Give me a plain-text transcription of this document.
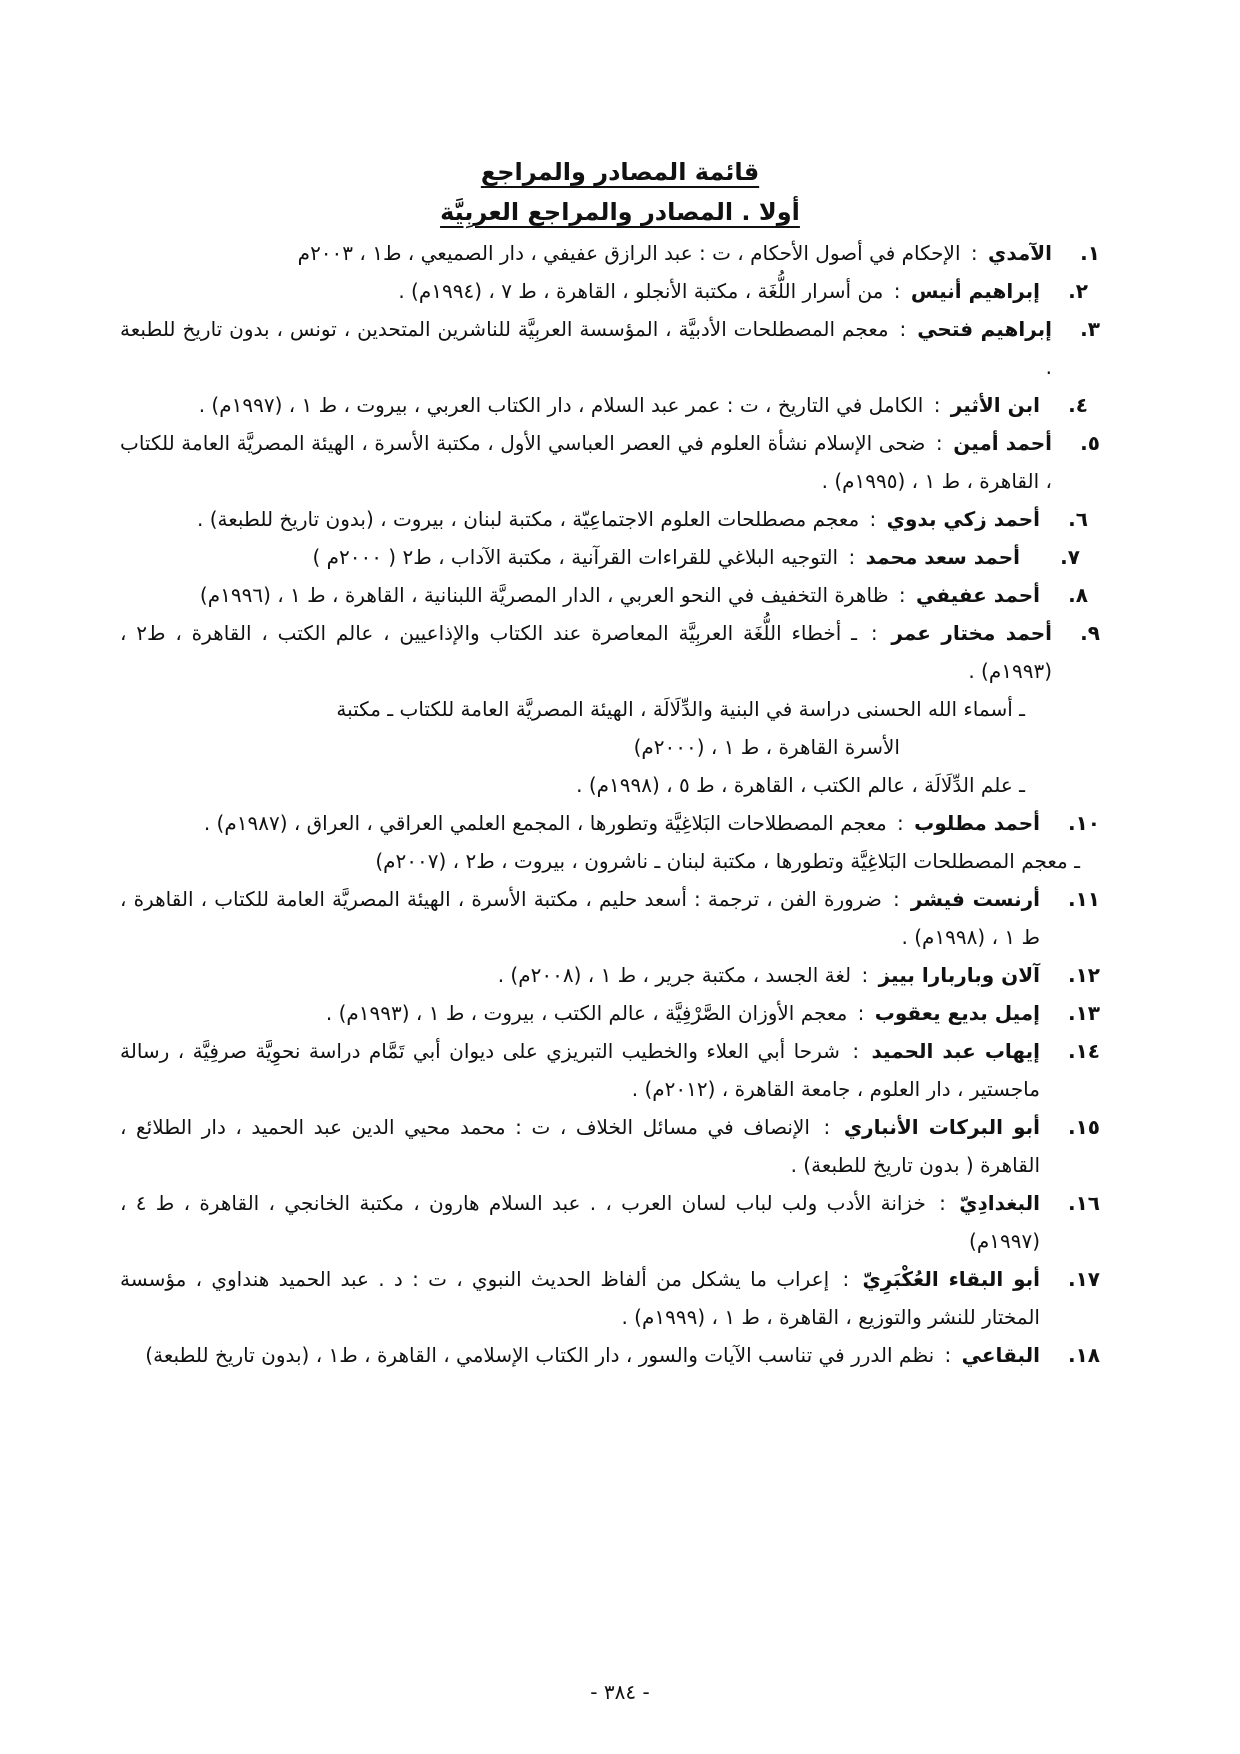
قائمة المصادر والمراجع

أولا . المصادر والمراجع العربِيَّة

١.
الآمدي : الإحكام في أصول الأحكام ، ت : عبد الرازق عفيفي ، دار الصميعي ، ط١ ، ٢٠٠٣م

٢.
إبراهيم أنيس : من أسرار اللُّغَة ، مكتبة الأنجلو ، القاهرة ، ط ٧ ، (١٩٩٤م) .

٣.
إبراهيم فتحي : معجم المصطلحات الأدبيَّة ، المؤسسة العربِيَّة للناشرين المتحدين ، تونس ، بدون تاريخ للطبعة .

٤.
ابن الأثير : الكامل في التاريخ ، ت : عمر عبد السلام ، دار الكتاب العربي ، بيروت ، ط ١ ، (١٩٩٧م) .

٥.
أحمد أمين : ضحى الإسلام نشأة العلوم في العصر العباسي الأول ، مكتبة الأسرة ، الهيئة المصريَّة العامة للكتاب ، القاهرة ، ط ١ ، (١٩٩٥م) .

٦.
أحمد زكي بدوي : معجم مصطلحات العلوم الاجتماعِيّة ، مكتبة لبنان ، بيروت ، (بدون تاريخ للطبعة) .

٧.
أحمد سعد محمد : التوجيه البلاغي للقراءات القرآنية ، مكتبة الآداب ، ط٢ ( ٢٠٠٠م )

٨.
أحمد عفيفي : ظاهرة التخفيف في النحو العربي ، الدار المصريَّة اللبنانية ، القاهرة ، ط ١ ، (١٩٩٦م)

٩.
أحمد مختار عمر : ـ أخطاء اللُّغَة العربِيَّة المعاصرة عند الكتاب والإذاعيين ، عالم الكتب ، القاهرة ، ط٢ ،(١٩٩٣م) .

ـ أسماء الله الحسنى دراسة في البنية والدِّلَالَة ، الهيئة المصريَّة العامة للكتاب ـ مكتبة

الأسرة القاهرة ، ط ١ ، (٢٠٠٠م)

ـ علم الدِّلَالَة ، عالم الكتب ، القاهرة ، ط ٥ ، (١٩٩٨م) .

١٠.
أحمد مطلوب : معجم المصطلاحات البَلاغِيَّة وتطورها ، المجمع العلمي العراقي ، العراق ، (١٩٨٧م) .

ـ معجم المصطلحات البَلاغِيَّة وتطورها ، مكتبة لبنان ـ ناشرون ، بيروت ، ط٢ ، (٢٠٠٧م)

١١.
أرنست فيشر : ضرورة الفن ، ترجمة : أسعد حليم ، مكتبة الأسرة ، الهيئة المصريَّة العامة للكتاب ، القاهرة ، ط ١ ، (١٩٩٨م) .

١٢.
آلان وباربارا بييز : لغة الجسد ، مكتبة جرير ، ط ١ ، (٢٠٠٨م) .

١٣.
إميل بديع يعقوب : معجم الأوزان الصَّرْفِيَّة ، عالم الكتب ، بيروت ، ط ١ ، (١٩٩٣م) .

١٤.
إيهاب عبد الحميد : شرحا أبي العلاء والخطيب التبريزي على ديوان أبي تَمَّام دراسة نحوِيَّة صرفِيَّة ، رسالة ماجستير ، دار العلوم ، جامعة القاهرة ، (٢٠١٢م) .

١٥.
أبو البركات الأنباري : الإنصاف في مسائل الخلاف ، ت : محمد محيي الدين عبد الحميد ، دار الطلائع ، القاهرة ( بدون تاريخ للطبعة) .

١٦.
البغدادِيّ : خزانة الأدب ولب لباب لسان العرب ، . عبد السلام هارون ، مكتبة الخانجي ، القاهرة ، ط ٤ ،(١٩٩٧م)

١٧.
أبو البقاء العُكْبَرِيّ : إعراب ما يشكل من ألفاظ الحديث النبوي ، ت : د . عبد الحميد هنداوي ، مؤسسة المختار للنشر والتوزيع ، القاهرة ، ط ١ ، (١٩٩٩م) .

١٨.
البقاعي : نظم الدرر في تناسب الآيات والسور ، دار الكتاب الإسلامي ، القاهرة ، ط١ ، (بدون تاريخ للطبعة)

- ٣٨٤ -
